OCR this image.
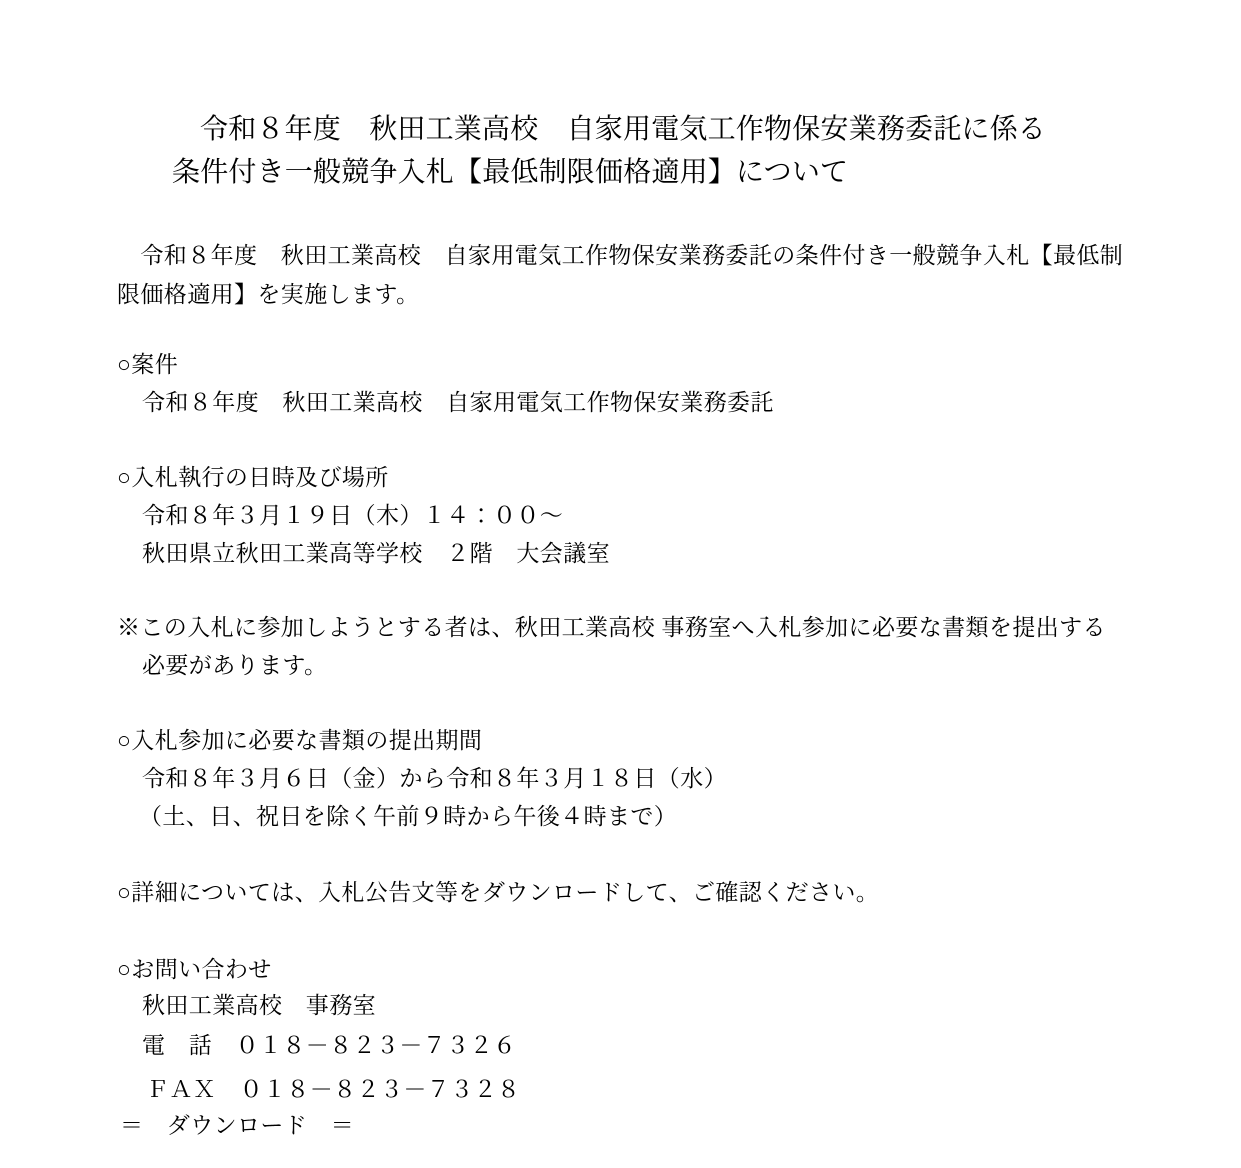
令和８年度　秋田工業高校　自家用電気工作物保安業務委託に係る
条件付き一般競争入札【最低制限価格適用】について
　令和８年度　秋田工業高校　自家用電気工作物保安業務委託の条件付き一般競争入札【最低制
限価格適用】を実施します。
○案件
令和８年度　秋田工業高校　自家用電気工作物保安業務委託
○入札執行の日時及び場所
令和８年３月１９日（木）１４：００～
秋田県立秋田工業高等学校　２階　大会議室
※この入札に参加しようとする者は、秋田工業高校 事務室へ入札参加に必要な書類を提出する
必要があります。
○入札参加に必要な書類の提出期間
令和８年３月６日（金）から令和８年３月１８日（水）
（土、日、祝日を除く午前９時から午後４時まで）
○詳細については、入札公告文等をダウンロードして、ご確認ください。
○お問い合わせ
秋田工業高校　事務室
電　話　０１８－８２３－７３２６
ＦＡＸ　０１８－８２３－７３２８
＝　ダウンロード　＝
